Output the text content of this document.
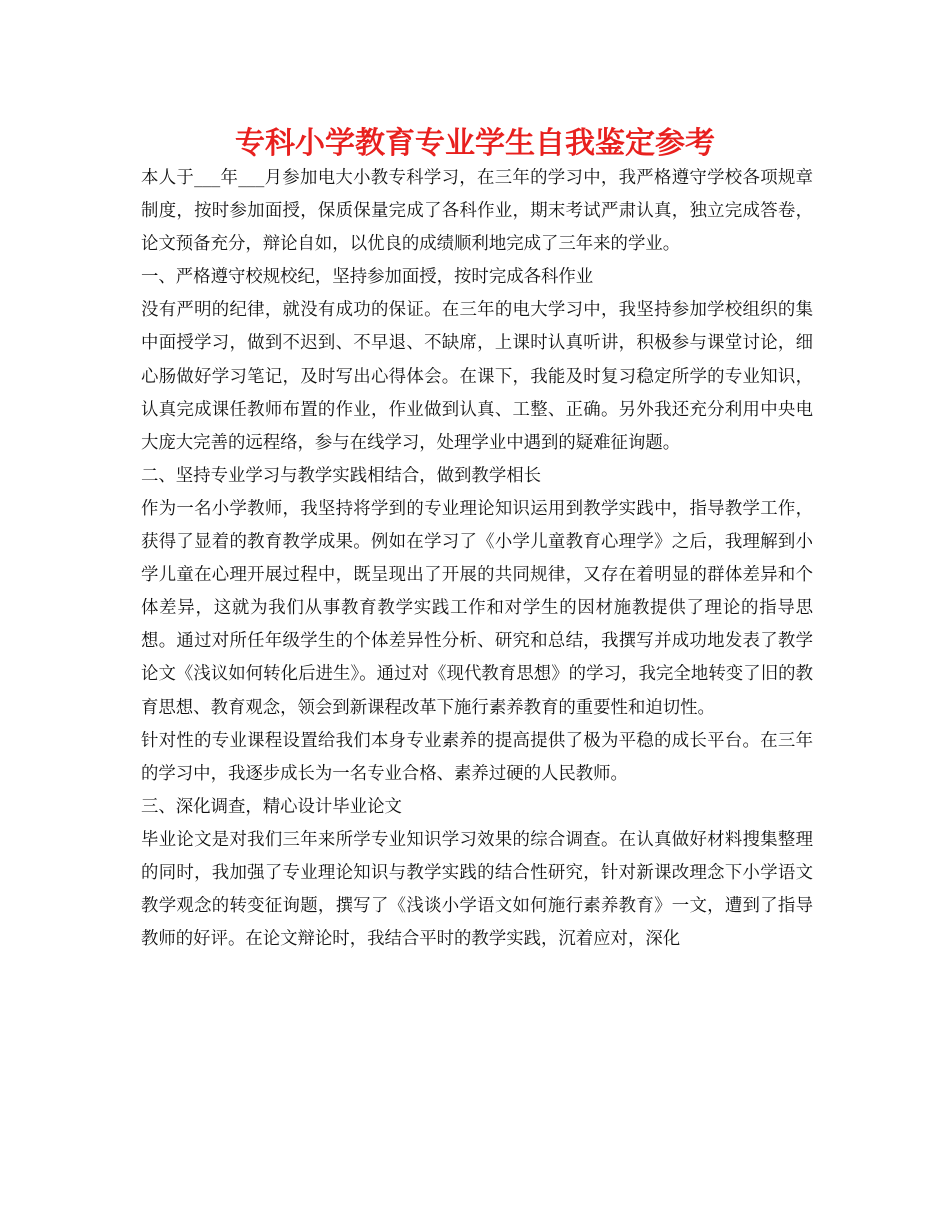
专科小学教育专业学生自我鉴定参考

本人于___年___月参加电大小教专科学习，在三年的学习中，我严格遵守学校各项规章制度，按时参加面授，保质保量完成了各科作业，期末考试严肃认真，独立完成答卷，论文预备充分，辩论自如，以优良的成绩顺利地完成了三年来的学业。

一、严格遵守校规校纪，坚持参加面授，按时完成各科作业

没有严明的纪律，就没有成功的保证。在三年的电大学习中，我坚持参加学校组织的集中面授学习，做到不迟到、不早退、不缺席，上课时认真听讲，积极参与课堂讨论，细心肠做好学习笔记，及时写出心得体会。在课下，我能及时复习稳定所学的专业知识，认真完成课任教师布置的作业，作业做到认真、工整、正确。另外我还充分利用中央电大庞大完善的远程络，参与在线学习，处理学业中遇到的疑难征询题。

二、坚持专业学习与教学实践相结合，做到教学相长

作为一名小学教师，我坚持将学到的专业理论知识运用到教学实践中，指导教学工作，获得了显着的教育教学成果。例如在学习了《小学儿童教育心理学》之后，我理解到小学儿童在心理开展过程中，既呈现出了开展的共同规律，又存在着明显的群体差异和个体差异，这就为我们从事教育教学实践工作和对学生的因材施教提供了理论的指导思想。通过对所任年级学生的个体差异性分析、研究和总结，我撰写并成功地发表了教学论文《浅议如何转化后进生》。通过对《现代教育思想》的学习，我完全地转变了旧的教育思想、教育观念，领会到新课程改革下施行素养教育的重要性和迫切性。

针对性的专业课程设置给我们本身专业素养的提高提供了极为平稳的成长平台。在三年的学习中，我逐步成长为一名专业合格、素养过硬的人民教师。

三、深化调查，精心设计毕业论文

毕业论文是对我们三年来所学专业知识学习效果的综合调查。在认真做好材料搜集整理的同时，我加强了专业理论知识与教学实践的结合性研究，针对新课改理念下小学语文教学观念的转变征询题，撰写了《浅谈小学语文如何施行素养教育》一文，遭到了指导教师的好评。在论文辩论时，我结合平时的教学实践，沉着应对，深化
